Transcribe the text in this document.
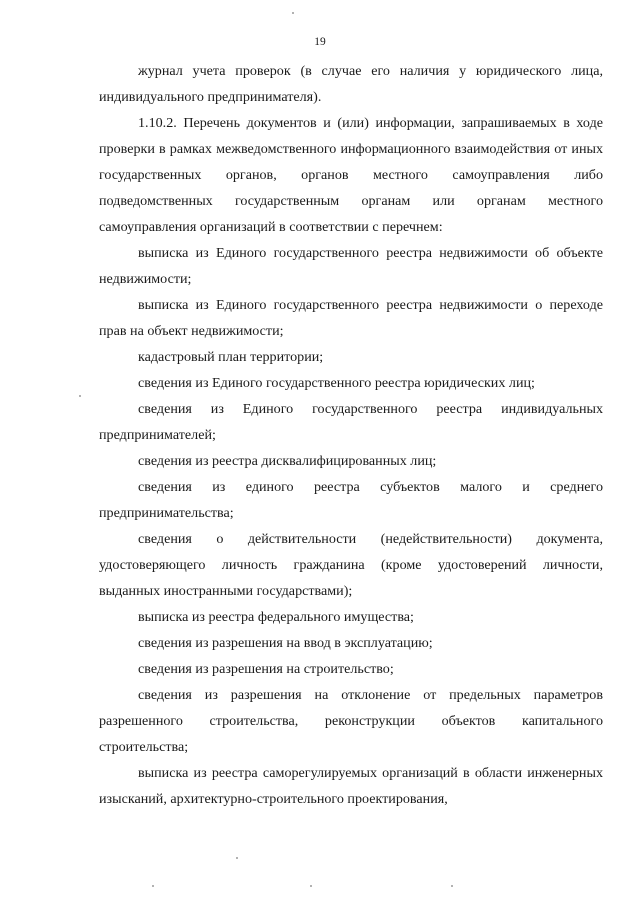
19

журнал учета проверок (в случае его наличия у юридического лица, индивидуального предпринимателя).

1.10.2. Перечень документов и (или) информации, запрашиваемых в ходе проверки в рамках межведомственного информационного взаимодействия от иных государственных органов, органов местного самоуправления либо подведомственных государственным органам или органам местного самоуправления организаций в соответствии с перечнем:

выписка из Единого государственного реестра недвижимости об объекте недвижимости;

выписка из Единого государственного реестра недвижимости о переходе прав на объект недвижимости;

кадастровый план территории;

сведения из Единого государственного реестра юридических лиц;

сведения из Единого государственного реестра индивидуальных предпринимателей;

сведения из реестра дисквалифицированных лиц;

сведения из единого реестра субъектов малого и среднего предпринимательства;

сведения о действительности (недействительности) документа, удостоверяющего личность гражданина (кроме удостоверений личности, выданных иностранными государствами);

выписка из реестра федерального имущества;

сведения из разрешения на ввод в эксплуатацию;

сведения из разрешения на строительство;

сведения из разрешения на отклонение от предельных параметров разрешенного строительства, реконструкции объектов капитального строительства;

выписка из реестра саморегулируемых организаций в области инженерных изысканий, архитектурно-строительного проектирования,
